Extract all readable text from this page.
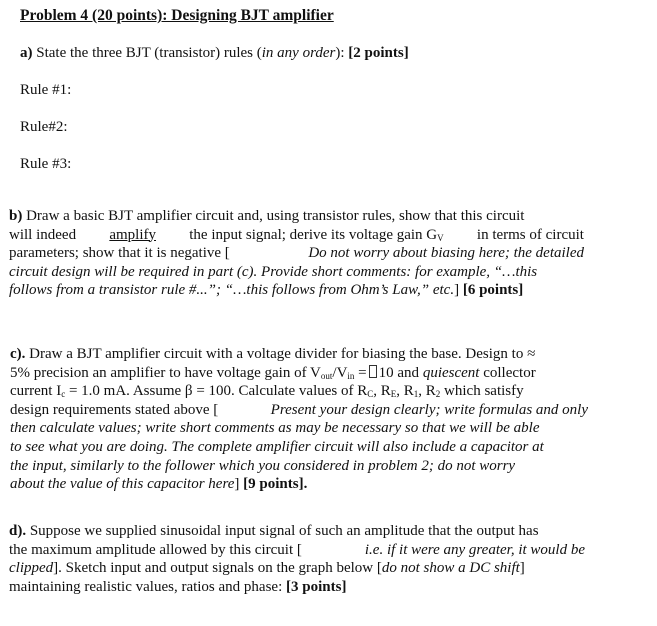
Problem 4 (20 points): Designing BJT amplifier
a) State the three BJT (transistor) rules (in any order): [2 points]
Rule #1:
Rule#2:
Rule #3:
b) Draw a basic BJT amplifier circuit and, using transistor rules, show that this circuit
will indeed amplify the input signal; derive its voltage gain $G_V$ in terms of circuit
parameters; show that it is negative [	Do not worry about biasing here; the detailed
circuit design will be required in part (c). Provide short comments: for example, “…this
follows from a transistor rule #...”; “…this follows from Ohm’s Law,” etc. ]
[6 points]
c). Draw a BJT amplifier circuit with a voltage divider for biasing the base. Design to ≈
5% precision an amplifier to have voltage gain of $V_{out}/V_{in} = 10$ and quiescent collector
current $I_c = 1.0$ mA. Assume β = 100. Calculate values of $R_C$, $R_E$, $R_1$, $R_2$ which satisfy
design requirements stated above [	Present your design clearly; write formulas and only
then calculate values; write short comments as may be necessary so that we will be able
to see what you are doing. The complete amplifier circuit will also include a capacitor at
the input, similarly to the follower which you considered in problem 2; do not worry
about the value of this capacitor here ]
[9 points].
d). Suppose we supplied sinusoidal input signal of such an amplitude that the output has
the maximum amplitude allowed by this circuit [	i.e. if it were any greater, it would be
clipped]. Sketch input and output signals on the graph below [do not show a DC shift]
maintaining realistic values, ratios and phase:
[3 points]
